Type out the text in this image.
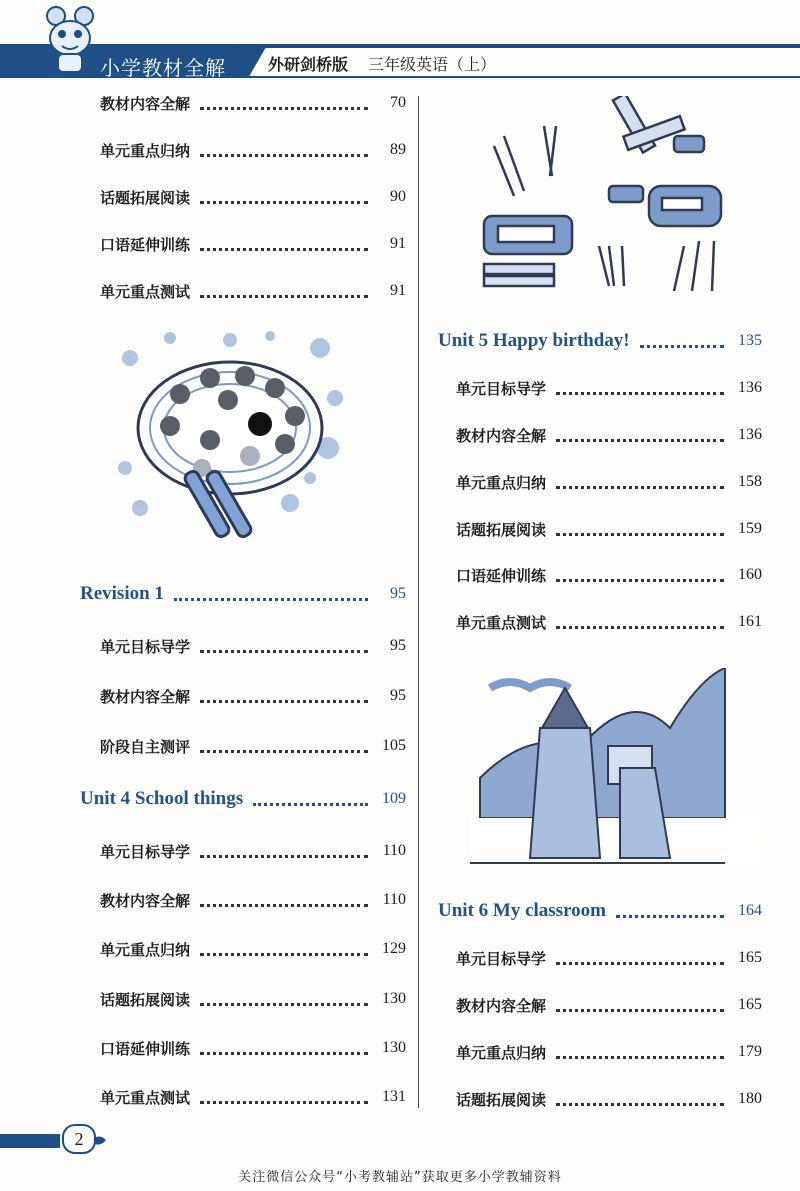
小学教材全解	外研剑桥版 三年级英语（上）
教材内容全解	70
单元重点归纳	89
话题拓展阅读	90
口语延伸训练	91
单元重点测试	91
Revision 1	95
单元目标导学	95
教材内容全解	95
阶段自主测评	105
Unit 4 School things	109
单元目标导学	110
教材内容全解	110
单元重点归纳	129
话题拓展阅读	130
口语延伸训练	130
单元重点测试	131
Unit 5 Happy birthday!	135
单元目标导学	136
教材内容全解	136
单元重点归纳	158
话题拓展阅读	159
口语延伸训练	160
单元重点测试	161
Unit 6 My classroom	164
单元目标导学	165
教材内容全解	165
单元重点归纳	179
话题拓展阅读	180
2
关注微信公众号“小考教辅站”获取更多小学教辅资料
